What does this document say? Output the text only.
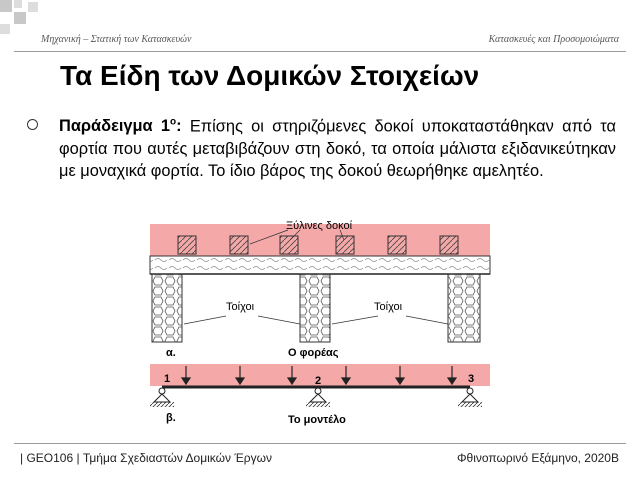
Μηχανική – Στατική των Κατασκευών	Κατασκευές και Προσομοιώματα
Τα Είδη των Δομικών Στοιχείων
Παράδειγμα $1^o$: Επίσης οι στηριζόμενες δοκοί υποκαταστάθηκαν από τα φορτία που αυτές μεταβιβάζουν στη δοκό, τα οποία μάλιστα εξιδανικεύτηκαν με μοναχικά φορτία. Το ίδιο βάρος της δοκού θεωρήθηκε αμελητέο.
Ξύλινες δοκοί
Τοίχοι	Τοίχοι
α.	Ο φορέας
1	2	3
β.	Το μοντέλο
| GEO106 | Τμήμα Σχεδιαστών Δομικών Έργων	Φθινοπωρινό Εξάμηνο, 2020Β
